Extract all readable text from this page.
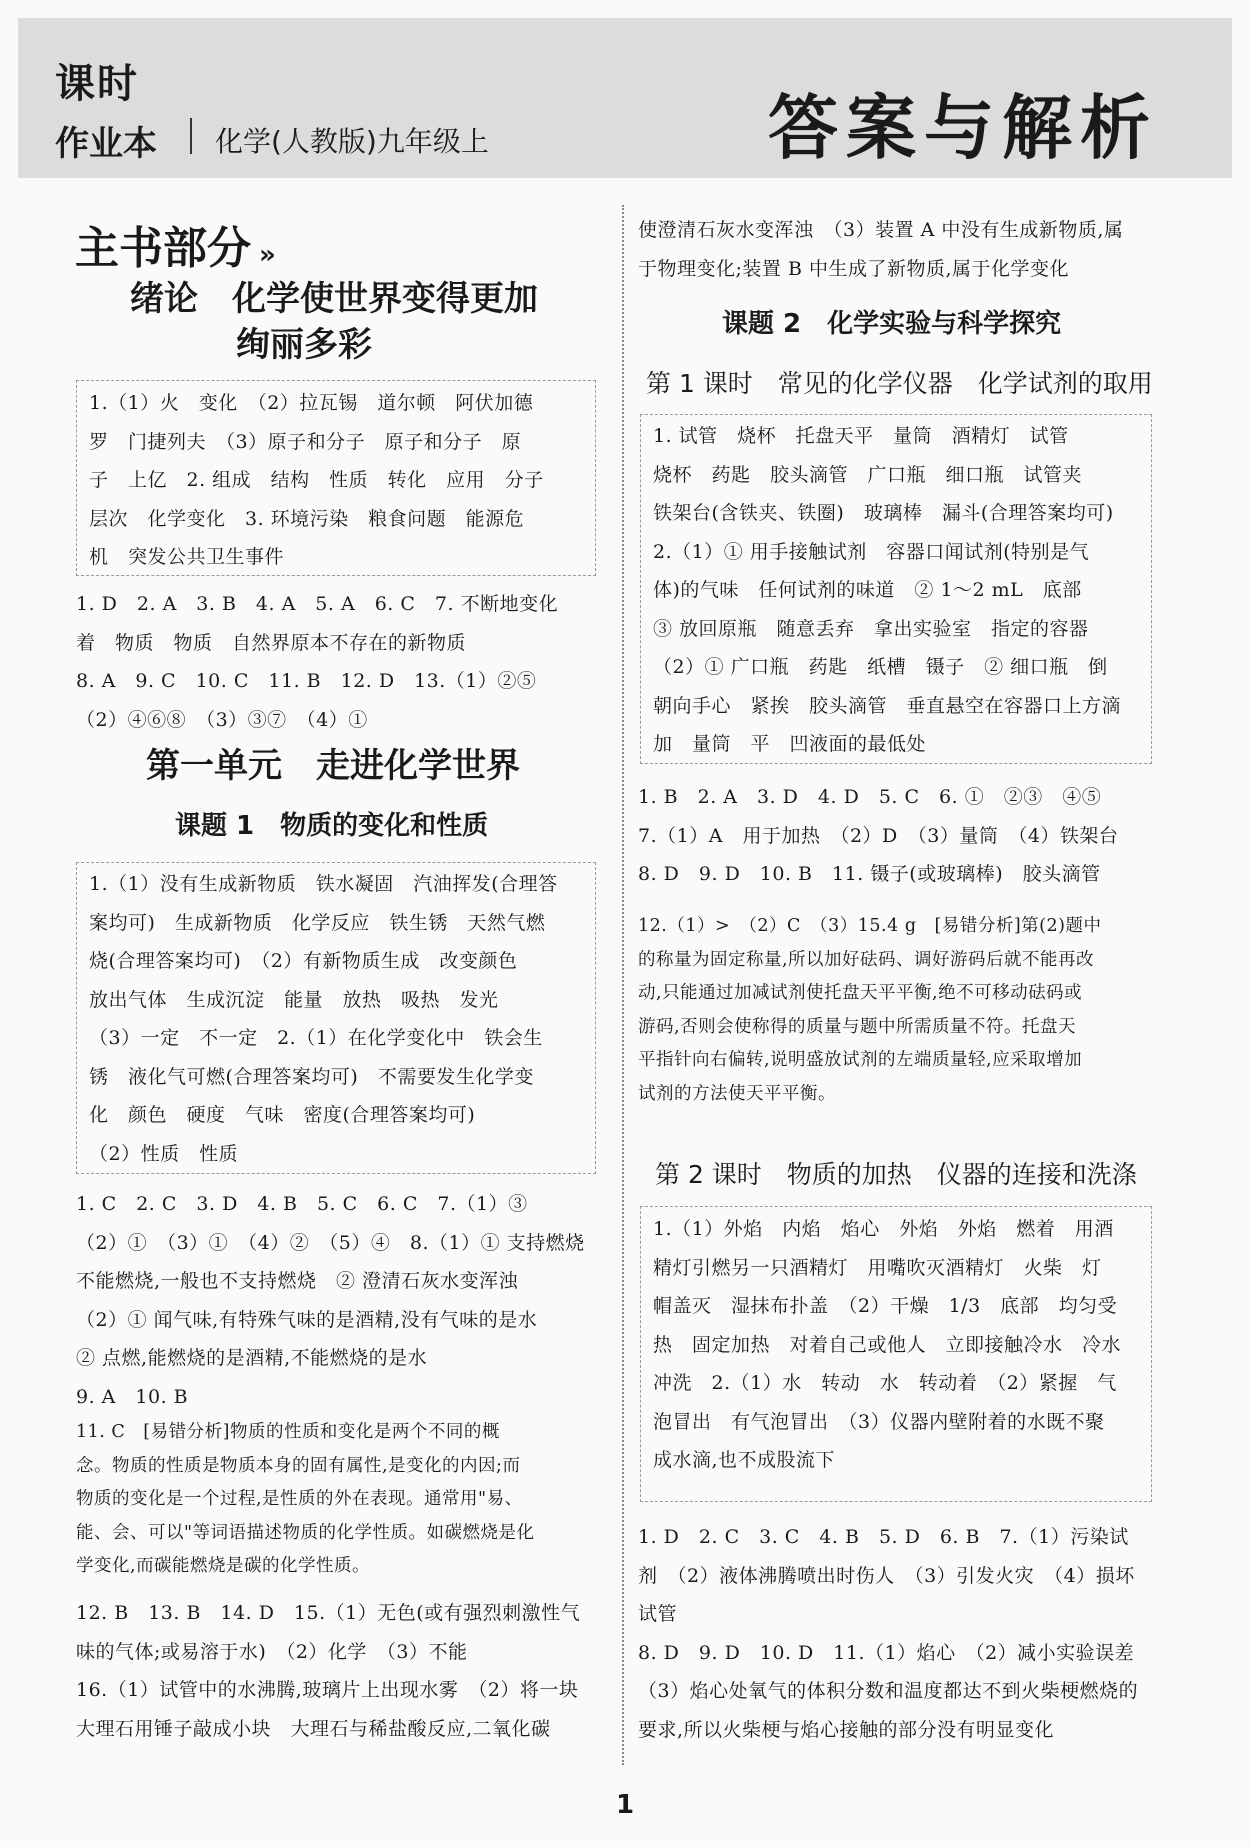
课时
作业本 化学(人教版)九年级上	答案与解析
主书部分 »
绪论　化学使世界变得更加
绚丽多彩

1.（1）火　变化　（2）拉瓦锡　道尔顿　阿伏加德

罗　门捷列夫　（3）原子和分子　原子和分子　原

子　上亿　2. 组成　结构　性质　转化　应用　分子

层次　化学变化　3. 环境污染　粮食问题　能源危

机　突发公共卫生事件

1. D　2. A　3. B　4. A　5. A　6. C　7. 不断地变化

着　物质　物质　自然界原本不存在的新物质

8. A　9. C　10. C　11. B　12. D　13.（1）②⑤

（2）④⑥⑧　（3）③⑦　（4）①

第一单元　走进化学世界
课题 1　物质的变化和性质

1.（1）没有生成新物质　铁水凝固　汽油挥发(合理答

案均可)　生成新物质　化学反应　铁生锈　天然气燃

烧(合理答案均可)　（2）有新物质生成　改变颜色

放出气体　生成沉淀　能量　放热　吸热　发光

（3）一定　不一定　2.（1）在化学变化中　铁会生

锈　液化气可燃(合理答案均可)　不需要发生化学变

化　颜色　硬度　气味　密度(合理答案均可)

（2）性质　性质

1. C　2. C　3. D　4. B　5. C　6. C　7.（1）③

（2）①　（3）①　（4）②　（5）④　8.（1）① 支持燃烧

不能燃烧,一般也不支持燃烧　② 澄清石灰水变浑浊

（2）① 闻气味,有特殊气味的是酒精,没有气味的是水

② 点燃,能燃烧的是酒精,不能燃烧的是水

9. A　10. B

11. C　[易错分析]物质的性质和变化是两个不同的概

念。物质的性质是物质本身的固有属性,是变化的内因;而

物质的变化是一个过程,是性质的外在表现。通常用"易、

能、会、可以"等词语描述物质的化学性质。如碳燃烧是化

学变化,而碳能燃烧是碳的化学性质。

12. B　13. B　14. D　15.（1）无色(或有强烈刺激性气

味的气体;或易溶于水)　（2）化学　（3）不能

16.（1）试管中的水沸腾,玻璃片上出现水雾　（2）将一块

大理石用锤子敲成小块　大理石与稀盐酸反应,二氧化碳

使澄清石灰水变浑浊　（3）装置 A 中没有生成新物质,属

于物理变化;装置 B 中生成了新物质,属于化学变化

课题 2　化学实验与科学探究
第 1 课时　常见的化学仪器　化学试剂的取用

1. 试管　烧杯　托盘天平　量筒　酒精灯　试管

烧杯　药匙　胶头滴管　广口瓶　细口瓶　试管夹

铁架台(含铁夹、铁圈)　玻璃棒　漏斗(合理答案均可)

2.（1）① 用手接触试剂　容器口闻试剂(特别是气

体)的气味　任何试剂的味道　② 1～2 mL　底部

③ 放回原瓶　随意丢弃　拿出实验室　指定的容器

（2）① 广口瓶　药匙　纸槽　镊子　② 细口瓶　倒

朝向手心　紧挨　胶头滴管　垂直悬空在容器口上方滴

加　量筒　平　凹液面的最低处

1. B　2. A　3. D　4. D　5. C　6. ①　②③　④⑤

7.（1）A　用于加热　（2）D　（3）量筒　（4）铁架台

8. D　9. D　10. B　11. 镊子(或玻璃棒)　胶头滴管

12.（1）>　（2）C　（3）15.4 g　[易错分析]第(2)题中

的称量为固定称量,所以加好砝码、调好游码后就不能再改

动,只能通过加减试剂使托盘天平平衡,绝不可移动砝码或

游码,否则会使称得的质量与题中所需质量不符。托盘天

平指针向右偏转,说明盛放试剂的左端质量轻,应采取增加

试剂的方法使天平平衡。

第 2 课时　物质的加热　仪器的连接和洗涤

1.（1）外焰　内焰　焰心　外焰　外焰　燃着　用酒

精灯引燃另一只酒精灯　用嘴吹灭酒精灯　火柴　灯

帽盖灭　湿抹布扑盖　（2）干燥　1/3　底部　均匀受

热　固定加热　对着自己或他人　立即接触冷水　冷水

冲洗　2.（1）水　转动　水　转动着　（2）紧握　气

泡冒出　有气泡冒出　（3）仪器内壁附着的水既不聚

成水滴,也不成股流下

1. D　2. C　3. C　4. B　5. D　6. B　7.（1）污染试

剂　（2）液体沸腾喷出时伤人　（3）引发火灾　（4）损坏

试管

8. D　9. D　10. D　11.（1）焰心　（2）减小实验误差

（3）焰心处氧气的体积分数和温度都达不到火柴梗燃烧的

要求,所以火柴梗与焰心接触的部分没有明显变化

1
